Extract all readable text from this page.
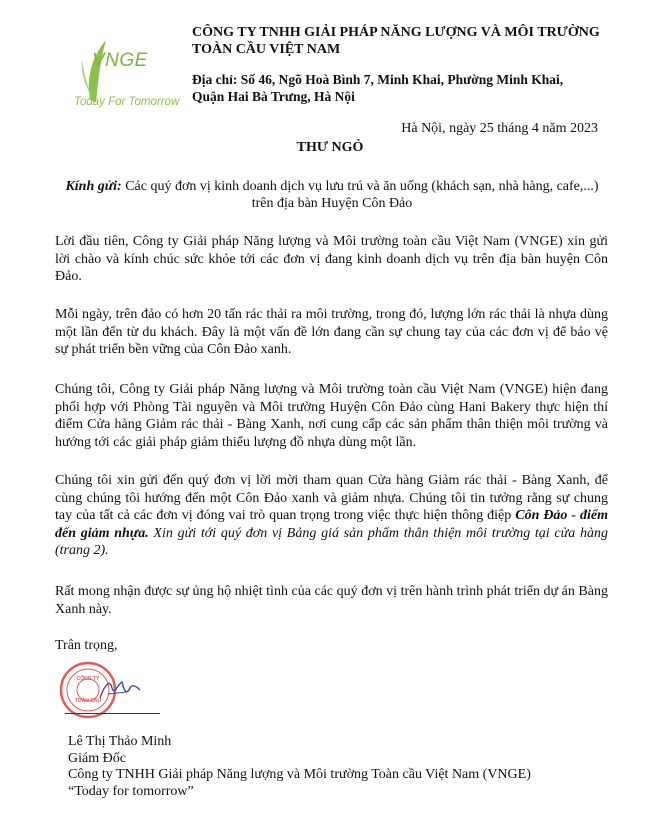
VNGE
Today For Tomorrow
CÔNG TY TNHH GIẢI PHÁP NĂNG LƯỢNG VÀ MÔI TRƯỜNG
TOÀN CẦU VIỆT NAM
Địa chỉ: Số 46, Ngõ Hoà Bình 7, Minh Khai, Phường Minh Khai,
Quận Hai Bà Trưng, Hà Nội
Hà Nội, ngày 25 tháng 4 năm 2023
THƯ NGỎ
Kính gửi: Các quý đơn vị kinh doanh dịch vụ lưu trú và ăn uống (khách sạn, nhà hàng, cafe,...)
trên địa bàn Huyện Côn Đảo
Lời đầu tiên, Công ty Giải pháp Năng lượng và Môi trường toàn cầu Việt Nam (VNGE) xin gửi lời chào và kính chúc sức khỏe tới các đơn vị đang kinh doanh dịch vụ trên địa bàn huyện Côn Đảo.
Mỗi ngày, trên đảo có hơn 20 tấn rác thải ra môi trường, trong đó, lượng lớn rác thải là nhựa dùng một lần đến từ du khách. Đây là một vấn đề lớn đang cần sự chung tay của các đơn vị để bảo vệ sự phát triển bền vững của Côn Đảo xanh.
Chúng tôi, Công ty Giải pháp Năng lượng và Môi trường toàn cầu Việt Nam (VNGE) hiện đang phối hợp với Phòng Tài nguyên và Môi trường Huyện Côn Đảo cùng Hani Bakery thực hiện thí điểm Cửa hàng Giảm rác thải - Bàng Xanh, nơi cung cấp các sản phẩm thân thiện môi trường và hướng tới các giải pháp giảm thiểu lượng đồ nhựa dùng một lần.
Chúng tôi xin gửi đến quý đơn vị lời mời tham quan Cửa hàng Giảm rác thải - Bàng Xanh, để cùng chúng tôi hướng đến một Côn Đảo xanh và giảm nhựa. Chúng tôi tin tưởng rằng sự chung tay của tất cả các đơn vị đóng vai trò quan trọng trong việc thực hiện thông điệp Côn Đảo - điểm đến giảm nhựa. Xin gửi tới quý đơn vị Bảng giá sản phẩm thân thiện môi trường tại cửa hàng (trang 2).
Rất mong nhận được sự ủng hộ nhiệt tình của các quý đơn vị trên hành trình phát triển dự án Bàng Xanh này.
Trân trọng,
CÔNG TY
TOÀN CẦU
Lê Thị Thảo Minh
Giám Đốc
Công ty TNHH Giải pháp Năng lượng và Môi trường Toàn cầu Việt Nam (VNGE)
“Today for tomorrow”
